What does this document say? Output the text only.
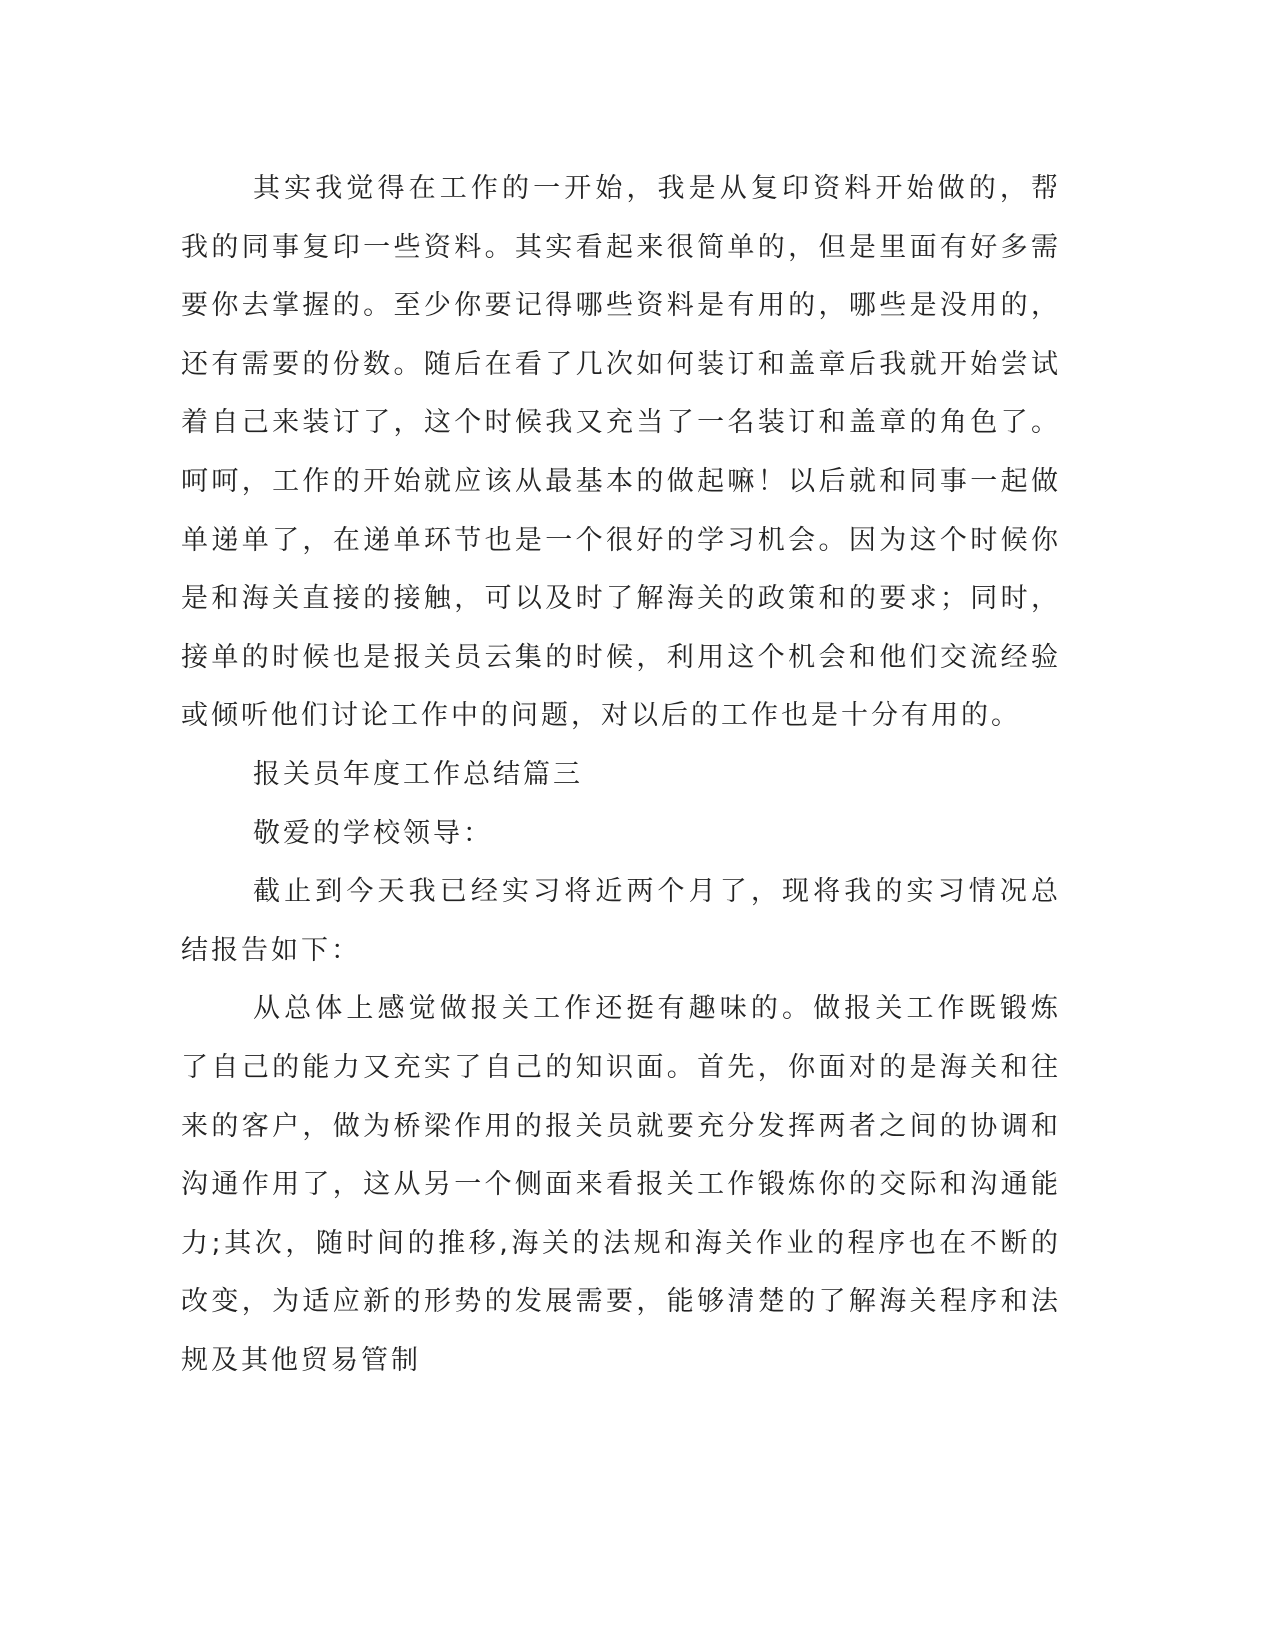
其实我觉得在工作的一开始，我是从复印资料开始做的，帮我的同事复印一些资料。其实看起来很简单的，但是里面有好多需要你去掌握的。至少你要记得哪些资料是有用的，哪些是没用的，还有需要的份数。随后在看了几次如何装订和盖章后我就开始尝试着自己来装订了，这个时候我又充当了一名装订和盖章的角色了。呵呵，工作的开始就应该从最基本的做起嘛！以后就和同事一起做单递单了，在递单环节也是一个很好的学习机会。因为这个时候你是和海关直接的接触，可以及时了解海关的政策和的要求；同时，接单的时候也是报关员云集的时候，利用这个机会和他们交流经验或倾听他们讨论工作中的问题，对以后的工作也是十分有用的。

报关员年度工作总结篇三

敬爱的学校领导：

截止到今天我已经实习将近两个月了，现将我的实习情况总结报告如下：

从总体上感觉做报关工作还挺有趣味的。做报关工作既锻炼了自己的能力又充实了自己的知识面。首先，你面对的是海关和往来的客户，做为桥梁作用的报关员就要充分发挥两者之间的协调和沟通作用了，这从另一个侧面来看报关工作锻炼你的交际和沟通能力;其次，随时间的推移,海关的法规和海关作业的程序也在不断的改变，为适应新的形势的发展需要，能够清楚的了解海关程序和法规及其他贸易管制
